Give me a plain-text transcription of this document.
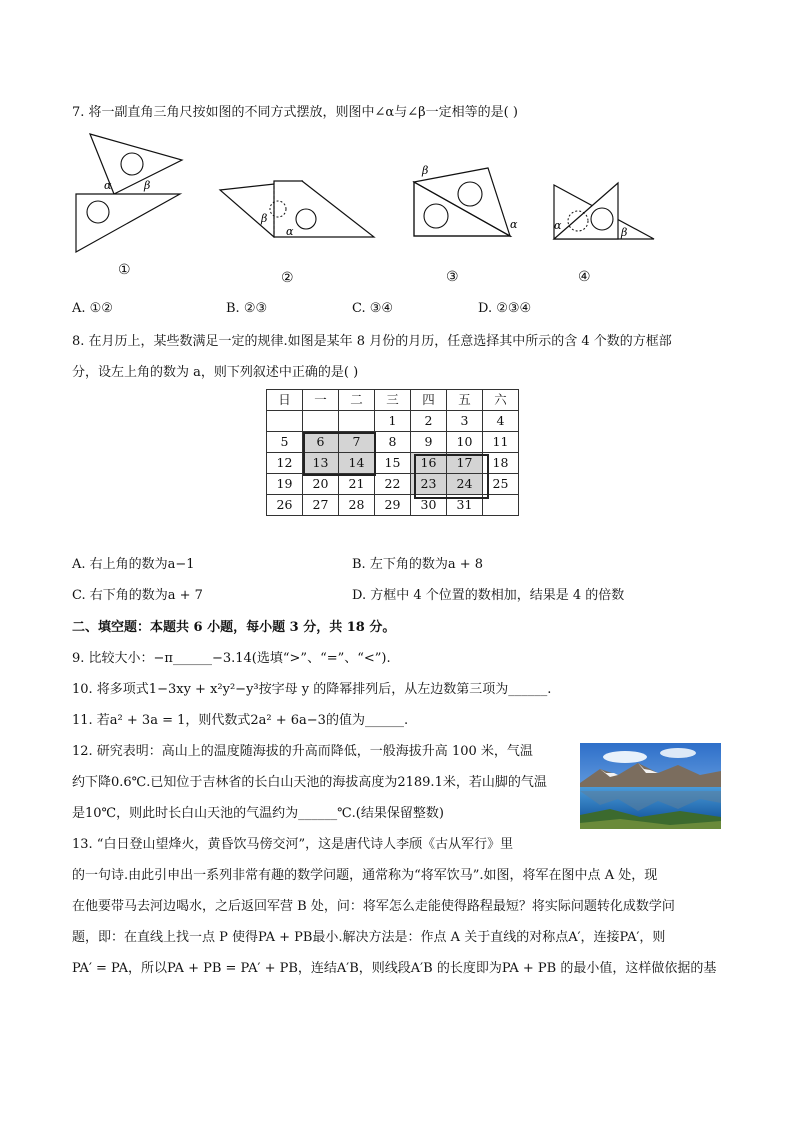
7. 将一副直角三角尺按如图的不同方式摆放，则图中∠α与∠β一定相等的是( )
α	β
①
β
α
②
β
α
③
α
β
④
A. ①②	B. ②③	C. ③④	D. ②③④
8. 在月历上，某些数满足一定的规律.如图是某年 8 月份的月历，任意选择其中所示的含 4 个数的方框部
分，设左上角的数为 a，则下列叙述中正确的是( )
日	一	二	三	四	五	六
			1	2	3	4
5	6	7	8	9	10	11
12	13	14	15	16	17	18
19	20	21	22	23	24	25
26	27	28	29	30	31	
A. 右上角的数为a−1	B. 左下角的数为a + 8
C. 右下角的数为a + 7	D. 方框中 4 个位置的数相加，结果是 4 的倍数
二、填空题：本题共 6 小题，每小题 3 分，共 18 分。
9. 比较大小：−π______−3.14(选填“>”、“=”、“<”).
10. 将多项式1−3xy + x²y²−y³按字母 y 的降幂排列后，从左边数第三项为______.
11. 若a² + 3a = 1，则代数式2a² + 6a−3的值为______.
12. 研究表明：高山上的温度随海拔的升高而降低，一般海拔升高 100 米，气温
约下降0.6℃.已知位于吉林省的长白山天池的海拔高度为2189.1米，若山脚的气温
是10℃，则此时长白山天池的气温约为______℃.(结果保留整数)
13. “白日登山望烽火，黄昏饮马傍交河”，这是唐代诗人李颀《古从军行》里
的一句诗.由此引申出一系列非常有趣的数学问题，通常称为“将军饮马”.如图，将军在图中点 A 处，现
在他要带马去河边喝水，之后返回军营 B 处，问：将军怎么走能使得路程最短？将实际问题转化成数学问
题，即：在直线上找一点 P 使得PA + PB最小.解决方法是：作点 A 关于直线的对称点A′，连接PA′，则
PA′ = PA，所以PA + PB = PA′ + PB，连结A′B，则线段A′B 的长度即为PA + PB 的最小值，这样做依据的基
